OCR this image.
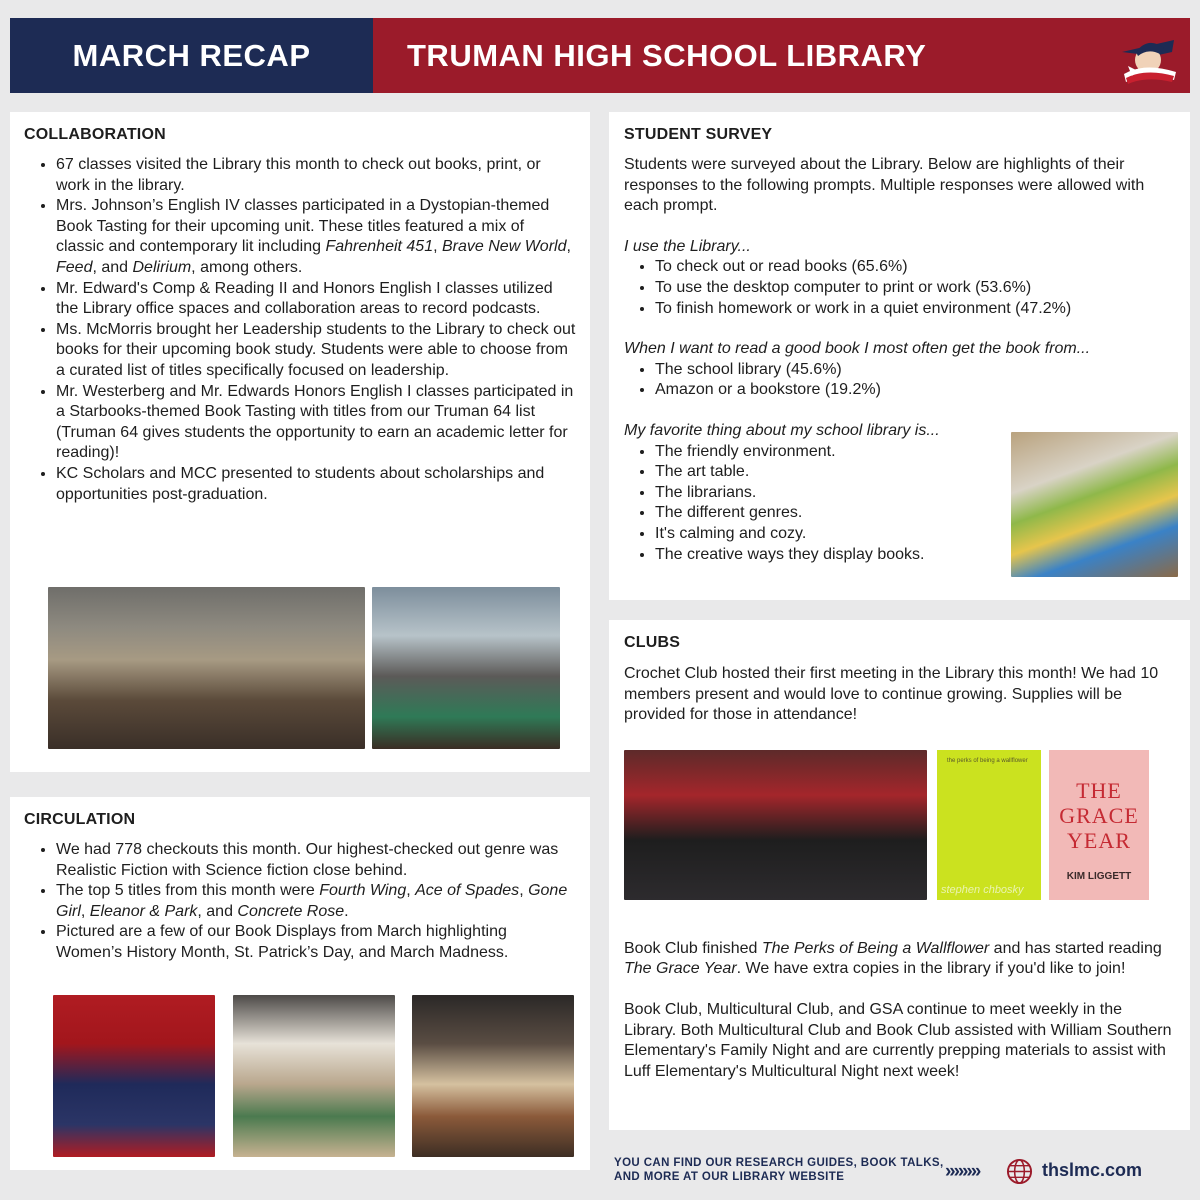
MARCH RECAP	TRUMAN HIGH SCHOOL LIBRARY
COLLABORATION
• 67 classes visited the Library this month to check out books, print, or work in the library.
• Mrs. Johnson’s English IV classes participated in a Dystopian-themed Book Tasting for their upcoming unit. These titles featured a mix of classic and contemporary lit including Fahrenheit 451, Brave New World, Feed, and Delirium, among others.
• Mr. Edward's Comp & Reading II and Honors English I classes utilized the Library office spaces and collaboration areas to record podcasts.
• Ms. McMorris brought her Leadership students to the Library to check out books for their upcoming book study. Students were able to choose from a curated list of titles specifically focused on leadership.
• Mr. Westerberg and Mr. Edwards Honors English I classes participated in a Starbooks-themed Book Tasting with titles from our Truman 64 list (Truman 64 gives students the opportunity to earn an academic letter for reading)!
• KC Scholars and MCC presented to students about scholarships and opportunities post-graduation.
CIRCULATION
• We had 778 checkouts this month. Our highest-checked out genre was Realistic Fiction with Science fiction close behind.
• The top 5 titles from this month were Fourth Wing, Ace of Spades, Gone Girl, Eleanor & Park, and Concrete Rose.
• Pictured are a few of our Book Displays from March highlighting Women’s History Month, St. Patrick’s Day, and March Madness.
STUDENT SURVEY

Students were surveyed about the Library. Below are highlights of their responses to the following prompts. Multiple responses were allowed with each prompt.

I use the Library...

• To check out or read books (65.6%)
• To use the desktop computer to print or work (53.6%)
• To finish homework or work in a quiet environment (47.2%)

When I want to read a good book I most often get the book from...

• The school library (45.6%)
• Amazon or a bookstore (19.2%)

My favorite thing about my school library is...

• The friendly environment.
• The art table.
• The librarians.
• The different genres.
• It's calming and cozy.
• The creative ways they display books.
CLUBS

Crochet Club hosted their first meeting in the Library this month! We had 10 members present and would love to continue growing. Supplies will be provided for those in attendance!

the perks of being a wallflower
stephen chbosky
THE GRACE YEAR
KIM LIGGETT

Book Club finished The Perks of Being a Wallflower and has started reading The Grace Year. We have extra copies in the library if you'd like to join!

Book Club, Multicultural Club, and GSA continue to meet weekly in the Library. Both Multicultural Club and Book Club assisted with William Southern Elementary's Family Night and are currently prepping materials to assist with Luff Elementary's Multicultural Night next week!

YOU CAN FIND OUR RESEARCH GUIDES, BOOK TALKS, AND MORE AT OUR LIBRARY WEBSITE	»»»»	thslmc.com
